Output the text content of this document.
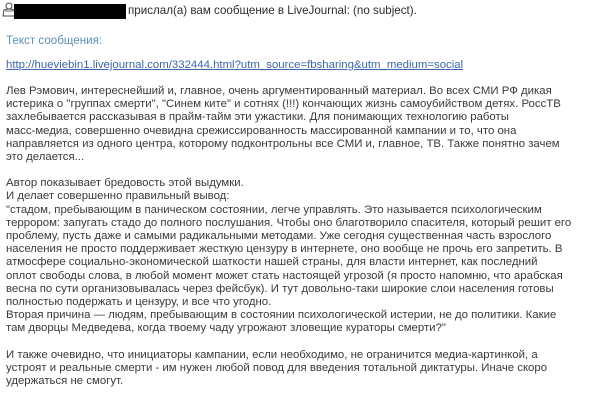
прислал(а) вам сообщение в LiveJournal: (no subject).
Текст сообщения:
http://hueviebin1.livejournal.com/332444.html?utm_source=fbsharing&utm_medium=social

Лев Рэмович, интереснейший и, главное, очень аргументированный материал. Во всех СМИ РФ дикая
истерика о "группах смерти", "Синем ките" и сотнях (!!!) кончающих жизнь самоубийством детях. РоссТВ
захлебывается рассказывая в прайм-тайм эти ужастики. Для понимающих технологию работы
масс-медиа, совершенно очевидна срежиссированность массированной кампании и то, что она
направляется из одного центра, которому подконтрольны все СМИ и, главное, ТВ. Также понятно зачем
это делается...

Автор показывает бредовость этой выдумки.
И делает совершенно правильный вывод:
"стадом, пребывающим в паническом состоянии, легче управлять. Это называется психологическим
террором: запугать стадо до полного послушания. Чтобы оно благотворило спасителя, который решит его
проблему, пусть даже и самыми радикальными методами. Уже сегодня существенная часть взрослого
населения не просто поддерживает жесткую цензуру в интернете, оно вообще не прочь его запретить. В
атмосфере социально-экономической шаткости нашей страны, для власти интернет, как последний
оплот свободы слова, в любой момент может стать настоящей угрозой (я просто напомню, что арабская
весна по сути организовывалась через фейсбук). И тут довольно-таки широкие слои населения готовы
полностью подержать и цензуру, и все что угодно.
Вторая причина — людям, пребывающим в состоянии психологической истерии, не до политики. Какие
там дворцы Медведева, когда твоему чаду угрожают зловещие кураторы смерти?"

И также очевидно, что инициаторы кампании, если необходимо, не ограничится медиа-картинкой, а
устроят и реальные смерти - им нужен любой повод для введения тотальной диктатуры. Иначе скоро
удержаться не смогут.
